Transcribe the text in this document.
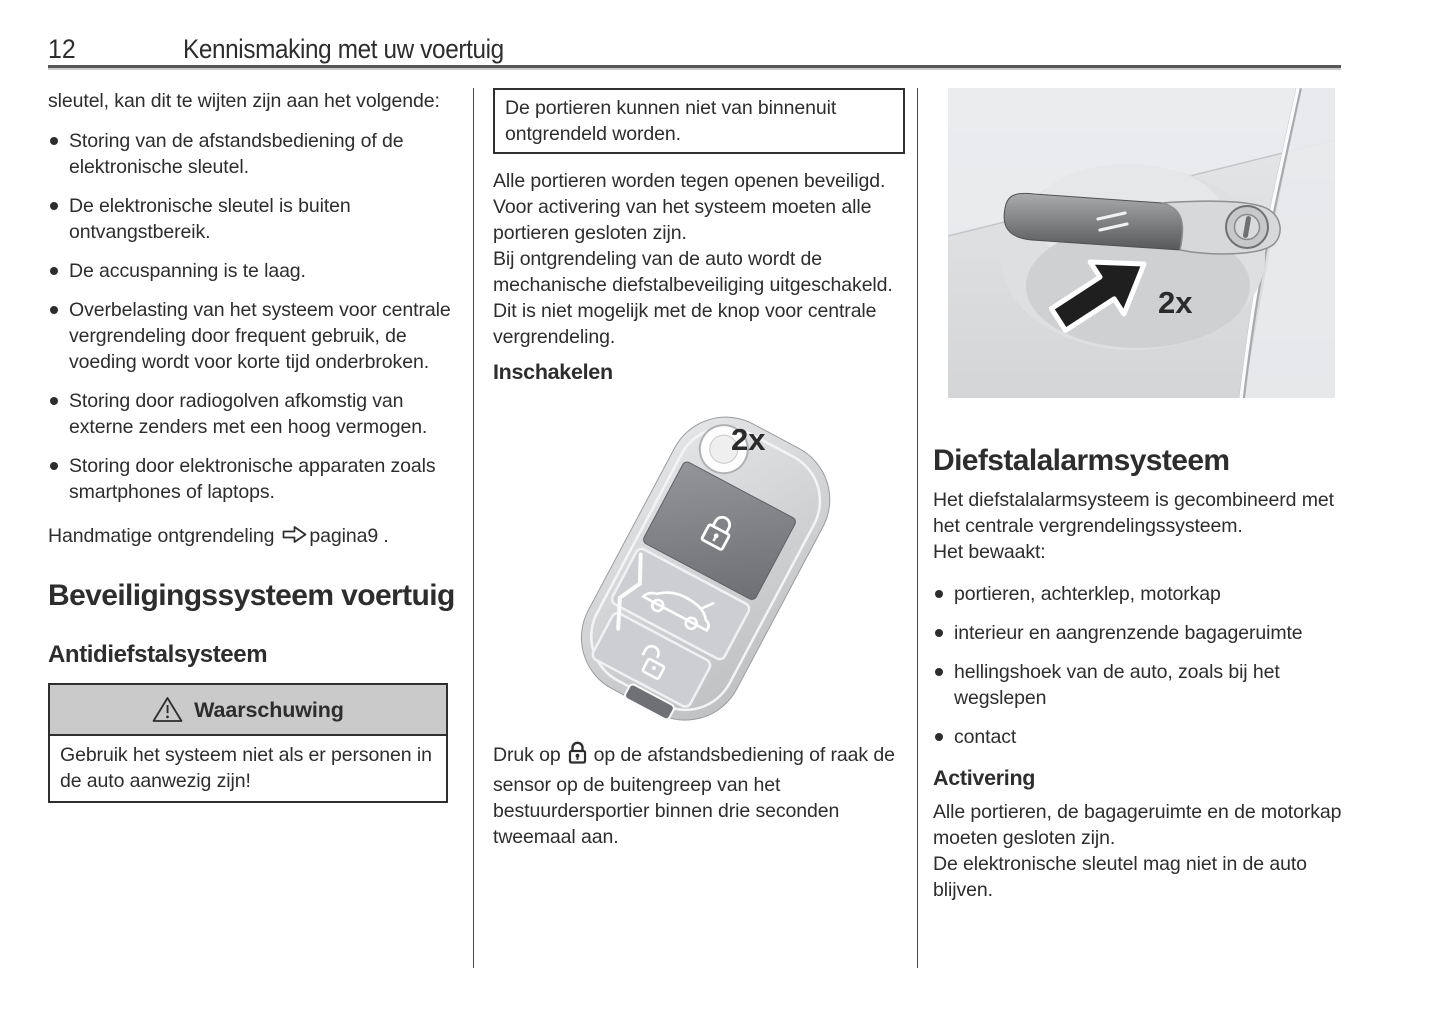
12	Kennismaking met uw voertuig

sleutel, kan dit te wijten zijn aan het volgende:

Storing van de afstandsbediening of de elektronische sleutel.
De elektronische sleutel is buiten ontvangstbereik.
De accuspanning is te laag.
Overbelasting van het systeem voor centrale vergrendeling door frequent gebruik, de voeding wordt voor korte tijd onderbroken.
Storing door radiogolven afkomstig van externe zenders met een hoog vermogen.
Storing door elektronische apparaten zoals smartphones of laptops.

Handmatige ontgrendeling pagina9 .

Beveiligingssysteem voertuig
Antidiefstalsysteem
Waarschuwing
Gebruik het systeem niet als er personen in de auto aanwezig zijn!
De portieren kunnen niet van binnenuit ontgrendeld worden.

Alle portieren worden tegen openen beveiligd.

Voor activering van het systeem moeten alle portieren gesloten zijn.

Bij ontgrendeling van de auto wordt de mechanische diefstalbeveiliging uitgeschakeld.

Dit is niet mogelijk met de knop voor centrale vergrendeling.

Inschakelen
2x

Druk op op de afstandsbediening of raak de sensor op de buitengreep van het bestuurdersportier binnen drie seconden tweemaal aan.

2x
Diefstalalarmsysteem

Het diefstalalarmsysteem is gecombineerd met het centrale vergrendelingssysteem.

Het bewaakt:

portieren, achterklep, motorkap
interieur en aangrenzende bagageruimte
hellingshoek van de auto, zoals bij het wegslepen
contact
Activering

Alle portieren, de bagageruimte en de motorkap moeten gesloten zijn.

De elektronische sleutel mag niet in de auto blijven.
